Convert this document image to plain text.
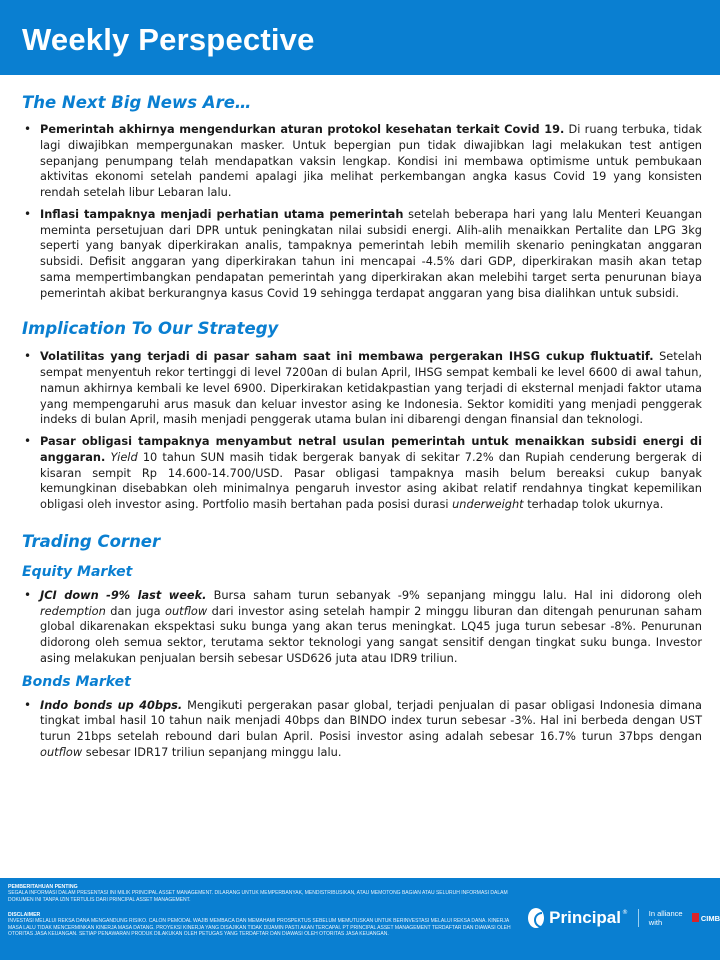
Weekly Perspective
The Next Big News Are…
• Pemerintah akhirnya mengendurkan aturan protokol kesehatan terkait Covid 19. Di ruang terbuka, tidak lagi diwajibkan mempergunakan masker. Untuk bepergian pun tidak diwajibkan lagi melakukan test antigen sepanjang penumpang telah mendapatkan vaksin lengkap. Kondisi ini membawa optimisme untuk pembukaan aktivitas ekonomi setelah pandemi apalagi jika melihat perkembangan angka kasus Covid 19 yang konsisten rendah setelah libur Lebaran lalu.
• Inflasi tampaknya menjadi perhatian utama pemerintah setelah beberapa hari yang lalu Menteri Keuangan meminta persetujuan dari DPR untuk peningkatan nilai subsidi energi. Alih-alih menaikkan Pertalite dan LPG 3kg seperti yang banyak diperkirakan analis, tampaknya pemerintah lebih memilih skenario peningkatan anggaran subsidi. Defisit anggaran yang diperkirakan tahun ini mencapai -4.5% dari GDP, diperkirakan masih akan tetap sama mempertimbangkan pendapatan pemerintah yang diperkirakan akan melebihi target serta penurunan biaya pemerintah akibat berkurangnya kasus Covid 19 sehingga terdapat anggaran yang bisa dialihkan untuk subsidi.
Implication To Our Strategy
• Volatilitas yang terjadi di pasar saham saat ini membawa pergerakan IHSG cukup fluktuatif. Setelah sempat menyentuh rekor tertinggi di level 7200an di bulan April, IHSG sempat kembali ke level 6600 di awal tahun, namun akhirnya kembali ke level 6900. Diperkirakan ketidakpastian yang terjadi di eksternal menjadi faktor utama yang mempengaruhi arus masuk dan keluar investor asing ke Indonesia. Sektor komiditi yang menjadi penggerak indeks di bulan April, masih menjadi penggerak utama bulan ini dibarengi dengan finansial dan teknologi.
• Pasar obligasi tampaknya menyambut netral usulan pemerintah untuk menaikkan subsidi energi di anggaran. Yield 10 tahun SUN masih tidak bergerak banyak di sekitar 7.2% dan Rupiah cenderung bergerak di kisaran sempit Rp 14.600-14.700/USD. Pasar obligasi tampaknya masih belum bereaksi cukup banyak kemungkinan disebabkan oleh minimalnya pengaruh investor asing akibat relatif rendahnya tingkat kepemilikan obligasi oleh investor asing. Portfolio masih bertahan pada posisi durasi underweight terhadap tolok ukurnya.
Trading Corner
Equity Market
• JCI down -9% last week. Bursa saham turun sebanyak -9% sepanjang minggu lalu. Hal ini didorong oleh redemption dan juga outflow dari investor asing setelah hampir 2 minggu liburan dan ditengah penurunan saham global dikarenakan ekspektasi suku bunga yang akan terus meningkat. LQ45 juga turun sebesar -8%. Penurunan didorong oleh semua sektor, terutama sektor teknologi yang sangat sensitif dengan tingkat suku bunga. Investor asing melakukan penjualan bersih sebesar USD626 juta atau IDR9 triliun.
Bonds Market
• Indo bonds up 40bps. Mengikuti pergerakan pasar global, terjadi penjualan di pasar obligasi Indonesia dimana tingkat imbal hasil 10 tahun naik menjadi 40bps dan BINDO index turun sebesar -3%. Hal ini berbeda dengan UST turun 21bps setelah rebound dari bulan April. Posisi investor asing adalah sebesar 16.7% turun 37bps dengan outflow sebesar IDR17 triliun sepanjang minggu lalu.
PEMBERITAHUAN PENTING
SEGALA INFORMASI DALAM PRESENTASI INI MILIK PRINCIPAL ASSET MANAGEMENT. DILARANG UNTUK MEMPERBANYAK, MENDISTRIBUSIKAN, ATAU MEMOTONG BAGIAN ATAU SELURUH INFORMASI DALAM DOKUMEN INI TANPA IZIN TERTULIS DARI PRINCIPAL ASSET MANAGEMENT.
DISCLAIMER
INVESTASI MELALUI REKSA DANA MENGANDUNG RISIKO. CALON PEMODAL WAJIB MEMBACA DAN MEMAHAMI PROSPEKTUS SEBELUM MEMUTUSKAN UNTUK BERINVESTASI MELALUI REKSA DANA. KINERJA MASA LALU TIDAK MENCERMINKAN KINERJA MASA DATANG. PROYEKSI KINERJA YANG DISAJIKAN TIDAK DIJAMIN PASTI AKAN TERCAPAI. PT PRINCIPAL ASSET MANAGEMENT TERDAFTAR DAN DIAWASI OLEH OTORITAS JASA KEUANGAN. SETIAP PENAWARAN PRODUK DILAKUKAN OLEH PETUGAS YANG TERDAFTAR DAN DIAWASI OLEH OTORITAS JASA KEUANGAN.
Principal ®	In alliance with	CIMB
